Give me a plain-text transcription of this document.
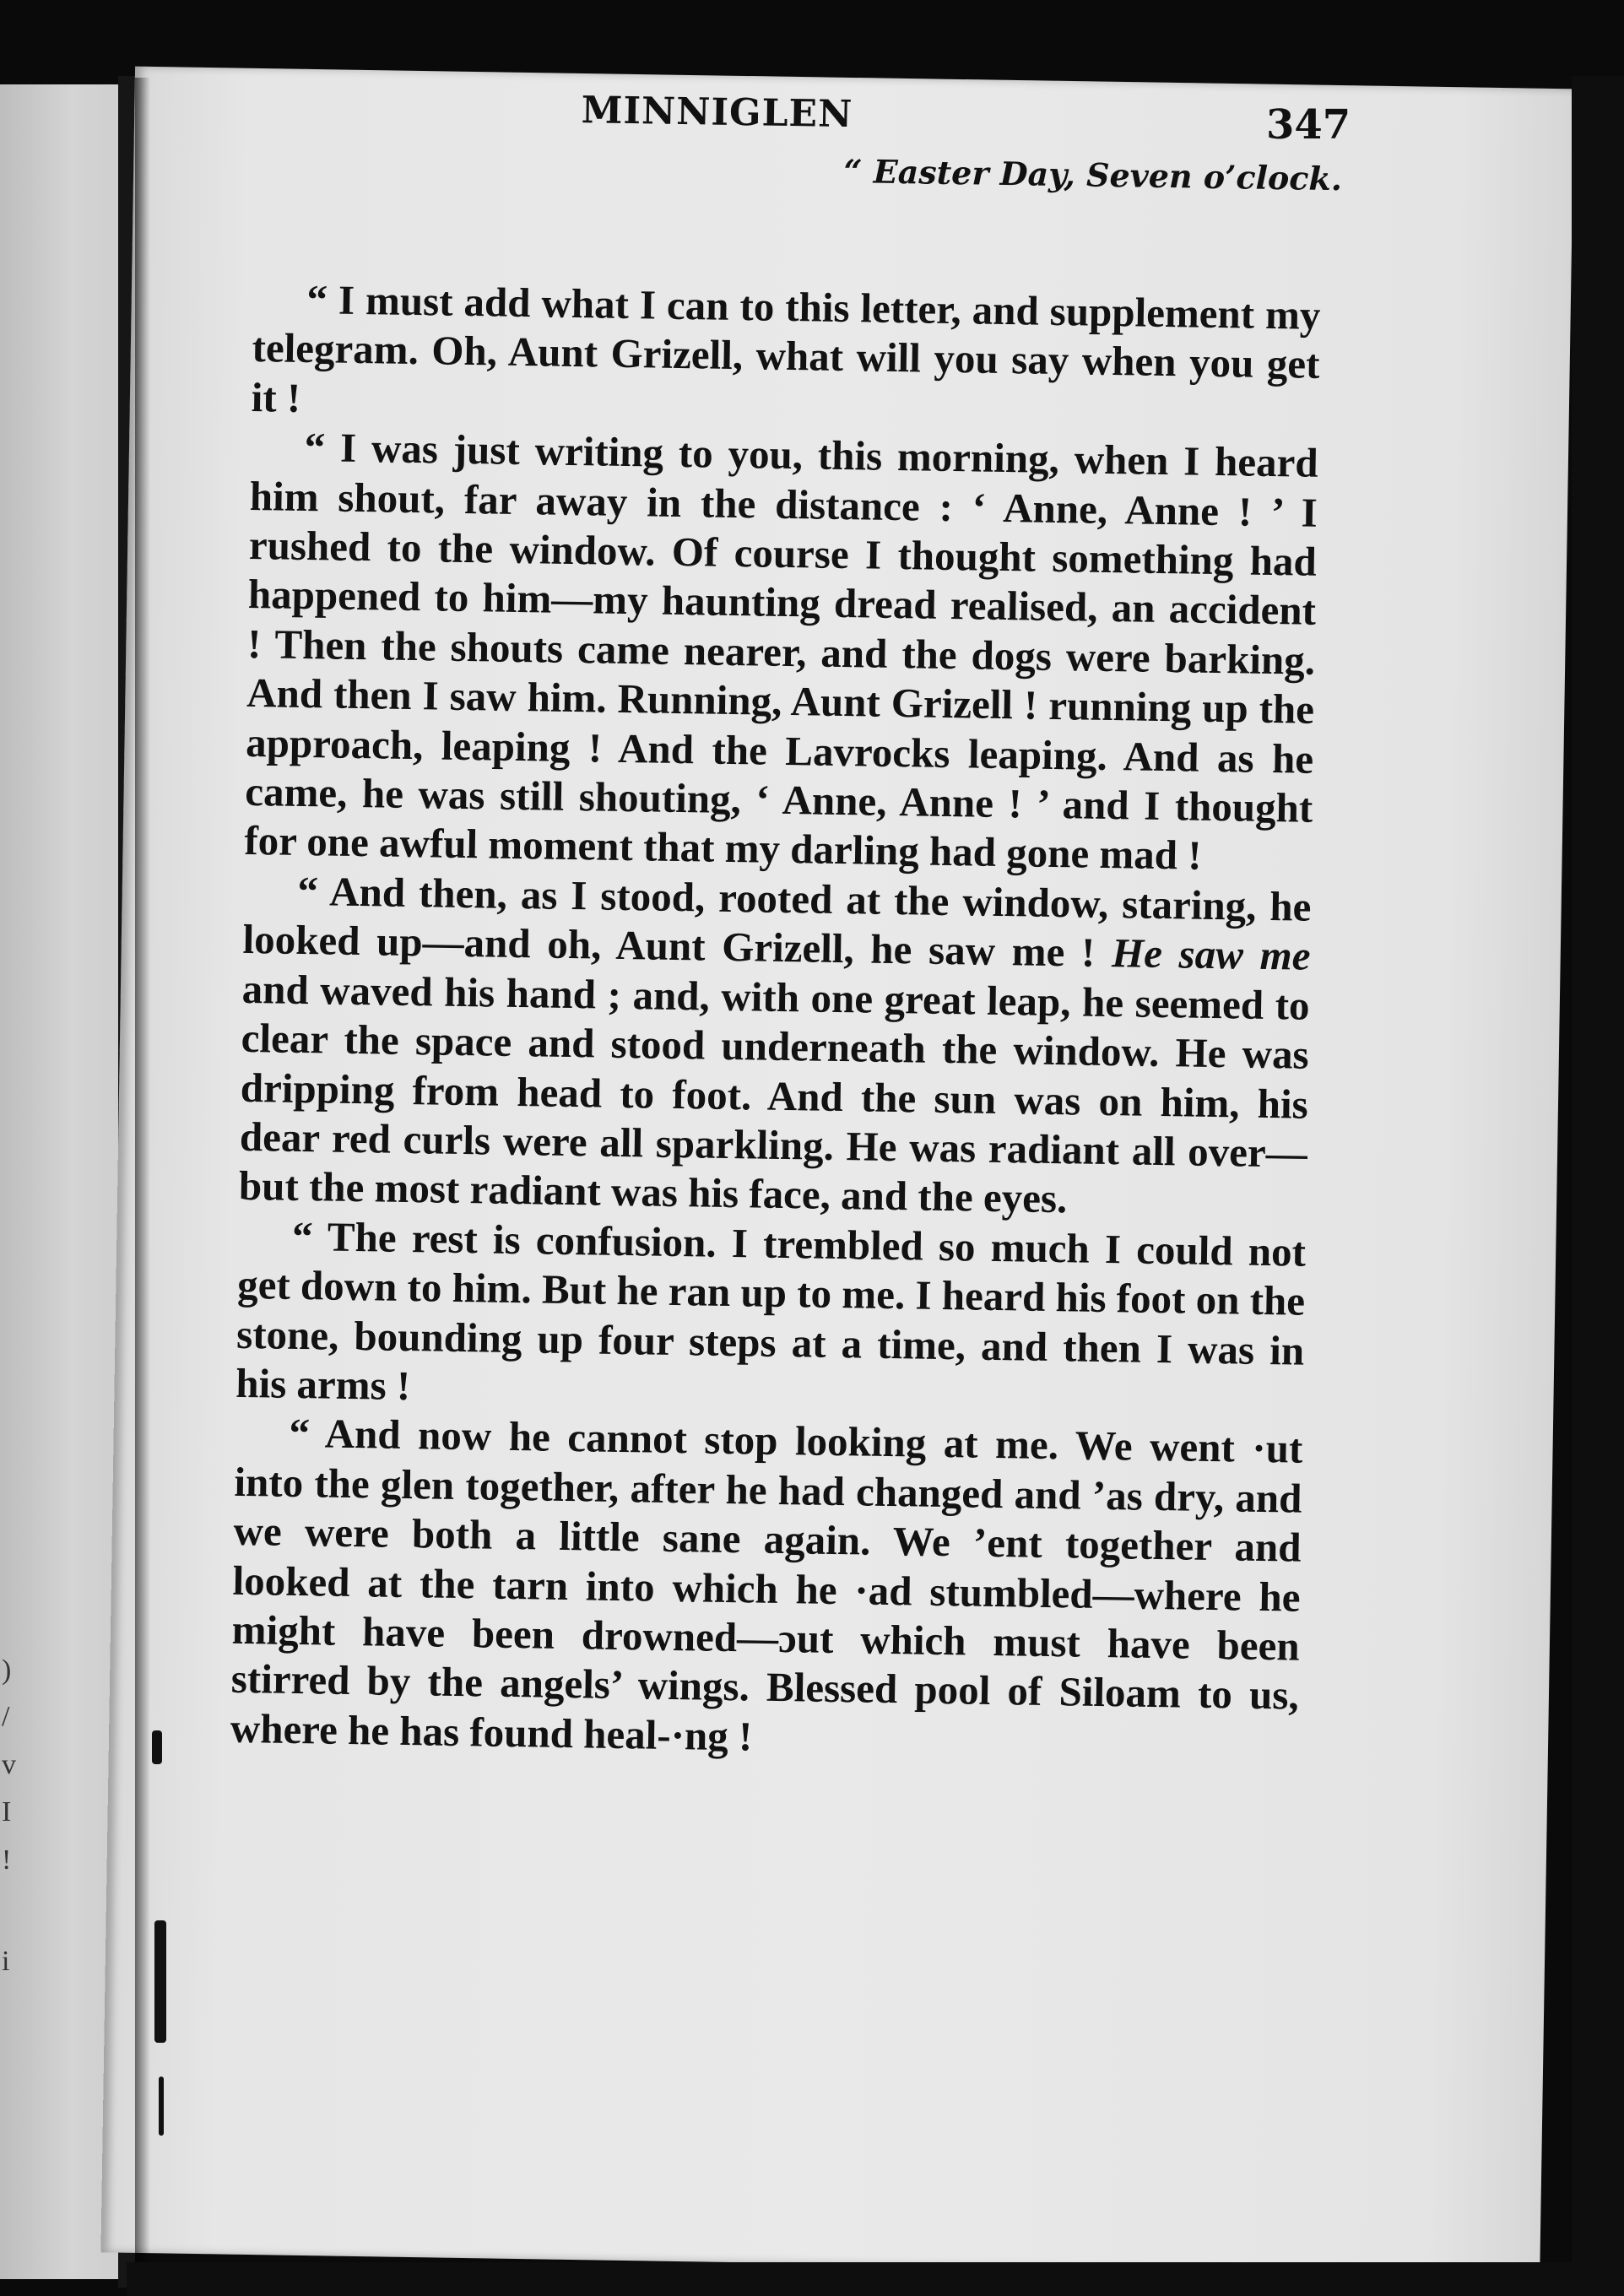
)
/
v
I
!
i
MINNIGLEN	347
“ Easter Day, Seven o’clock.

“ I must add what I can to this letter, and supplement my telegram. Oh, Aunt Grizell, what will you say when you get it !

“ I was just writing to you, this morning, when I heard him shout, far away in the distance : ‘ Anne, Anne ! ’ I rushed to the window. Of course I thought something had happened to him—my haunting dread realised, an accident ! Then the shouts came nearer, and the dogs were barking. And then I saw him. Running, Aunt Grizell ! running up the approach, leaping ! And the Lavrocks leaping. And as he came, he was still shouting, ‘ Anne, Anne ! ’ and I thought for one awful moment that my darling had gone mad !

“ And then, as I stood, rooted at the window, staring, he looked up—and oh, Aunt Grizell, he saw me ! He saw me and waved his hand ; and, with one great leap, he seemed to clear the space and stood underneath the window. He was dripping from head to foot. And the sun was on him, his dear red curls were all sparkling. He was radiant all over—but the most radiant was his face, and the eyes.

“ The rest is confusion. I trembled so much I could not get down to him. But he ran up to me. I heard his foot on the stone, bounding up four steps at a time, and then I was in his arms !

“ And now he cannot stop looking at me. We went ·ut into the glen together, after he had changed and ’as dry, and we were both a little sane again. We ’ent together and looked at the tarn into which he ·ad stumbled—where he might have been drowned—ɔut which must have been stirred by the angels’ wings. Blessed pool of Siloam to us, where he has found heal-·ng !
